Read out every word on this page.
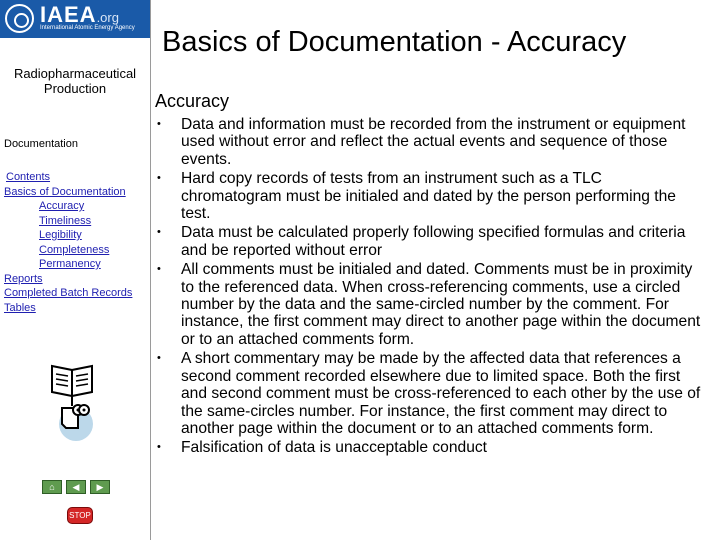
IAEA.org
International Atomic Energy Agency
Radiopharmaceutical Production
Documentation
Contents
Basics of Documentation
Accuracy
Timeliness
Legibility
Completeness
Permanency
Reports
Completed Batch Records
Tables
⌂	◀	▶
STOP
Basics of Documentation - Accuracy
Accuracy
• Data and information must be recorded from the instrument or equipment used without error and reflect the actual events and sequence of those events.
• Hard copy records of tests from an instrument such as a TLC chromatogram must be initialed and dated by the person performing the test.
• Data must be calculated properly following specified formulas and criteria and be reported without error
• All comments must be initialed and dated. Comments must be in proximity to the referenced data. When cross-referencing comments, use a circled number by the data and the same-circled number by the comment. For instance, the first comment may direct to another page within the document or to an attached comments form.
• A short commentary may be made by the affected data that references a second comment recorded elsewhere due to limited space. Both the first and second comment must be cross-referenced to each other by the use of the same-circles number. For instance, the first comment may direct to another page within the document or to an attached comments form.
• Falsification of data is unacceptable conduct
